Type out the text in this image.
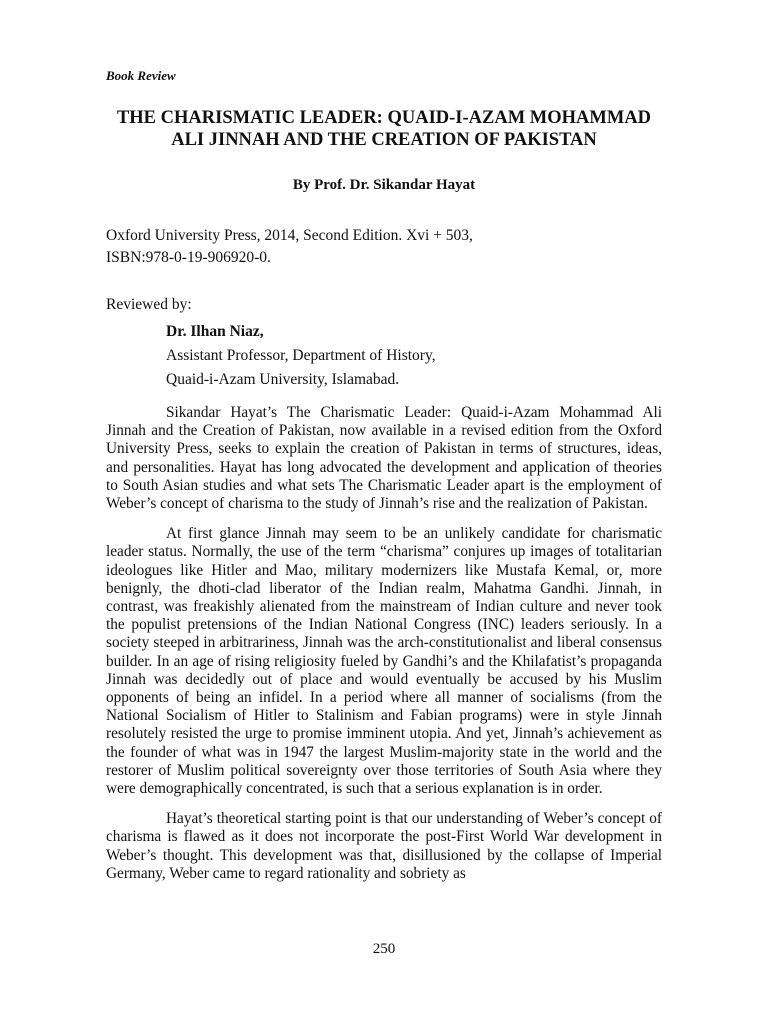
Book Review
THE CHARISMATIC LEADER: QUAID-I-AZAM MOHAMMAD ALI JINNAH AND THE CREATION OF PAKISTAN
By Prof. Dr. Sikandar Hayat
Oxford University Press, 2014, Second Edition. Xvi + 503,
ISBN:978-0-19-906920-0.
Reviewed by:
Dr. Ilhan Niaz,
Assistant Professor, Department of History,
Quaid-i-Azam University, Islamabad.

Sikandar Hayat’s The Charismatic Leader: Quaid-i-Azam Mohammad Ali Jinnah and the Creation of Pakistan, now available in a revised edition from the Oxford University Press, seeks to explain the creation of Pakistan in terms of structures, ideas, and personalities. Hayat has long advocated the development and application of theories to South Asian studies and what sets The Charismatic Leader apart is the employment of Weber’s concept of charisma to the study of Jinnah’s rise and the realization of Pakistan.

At first glance Jinnah may seem to be an unlikely candidate for charismatic leader status. Normally, the use of the term “charisma” conjures up images of totalitarian ideologues like Hitler and Mao, military modernizers like Mustafa Kemal, or, more benignly, the dhoti-clad liberator of the Indian realm, Mahatma Gandhi. Jinnah, in contrast, was freakishly alienated from the mainstream of Indian culture and never took the populist pretensions of the Indian National Congress (INC) leaders seriously. In a society steeped in arbitrariness, Jinnah was the arch-constitutionalist and liberal consensus builder. In an age of rising religiosity fueled by Gandhi’s and the Khilafatist’s propaganda Jinnah was decidedly out of place and would eventually be accused by his Muslim opponents of being an infidel. In a period where all manner of socialisms (from the National Socialism of Hitler to Stalinism and Fabian programs) were in style Jinnah resolutely resisted the urge to promise imminent utopia. And yet, Jinnah’s achievement as the founder of what was in 1947 the largest Muslim-majority state in the world and the restorer of Muslim political sovereignty over those territories of South Asia where they were demographically concentrated, is such that a serious explanation is in order.

Hayat’s theoretical starting point is that our understanding of Weber’s concept of charisma is flawed as it does not incorporate the post-First World War development in Weber’s thought. This development was that, disillusioned by the collapse of Imperial Germany, Weber came to regard rationality and sobriety as

250
